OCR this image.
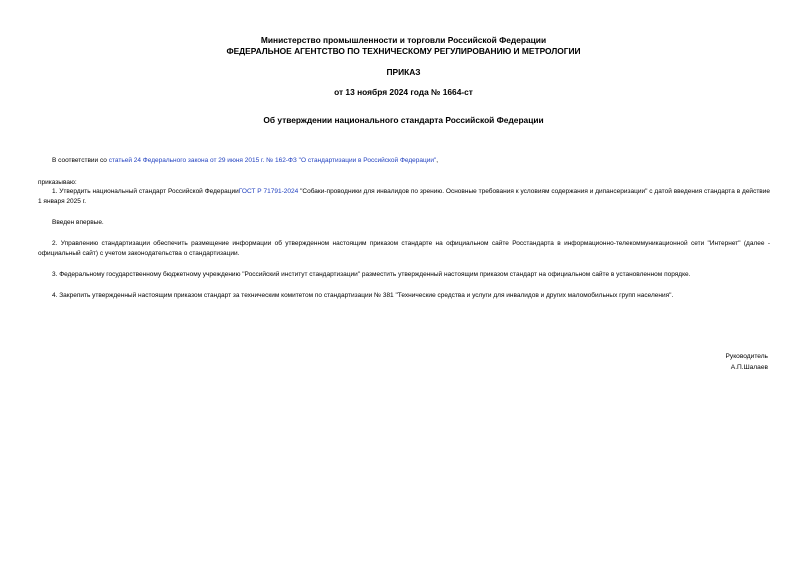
Министерство промышленности и торговли Российской Федерации
ФЕДЕРАЛЬНОЕ АГЕНТСТВО ПО ТЕХНИЧЕСКОМУ РЕГУЛИРОВАНИЮ И МЕТРОЛОГИИ
ПРИКАЗ
от 13 ноября 2024 года № 1664-ст
Об утверждении национального стандарта Российской Федерации
В соответствии со статьей 24 Федерального закона от 29 июня 2015 г. № 162-ФЗ "О стандартизации в Российской Федерации",
приказываю:
1. Утвердить национальный стандарт Российской ФедерацииГОСТ Р 71791-2024 "Собаки-проводники для инвалидов по зрению. Основные требования к условиям содержания и дипансеризации" с датой введения стандарта в действие 1 января 2025 г.
Введен впервые.
2. Управлению стандартизации обеспечить размещение информации об утвержденном настоящим приказом стандарте на официальном сайте Росстандарта в информационно-телекоммуникационной сети "Интернет" (далее - официальный сайт) с учетом законодательства о стандартизации.
3. Федеральному государственному бюджетному учреждению "Российский институт стандартизации" разместить утвержденный настоящим приказом стандарт на официальном сайте в установленном порядке.
4. Закрепить утвержденный настоящим приказом стандарт за техническим комитетом по стандартизации № 381 "Технические средства и услуги для инвалидов и других маломобильных групп населения".
Руководитель
А.П.Шалаев
